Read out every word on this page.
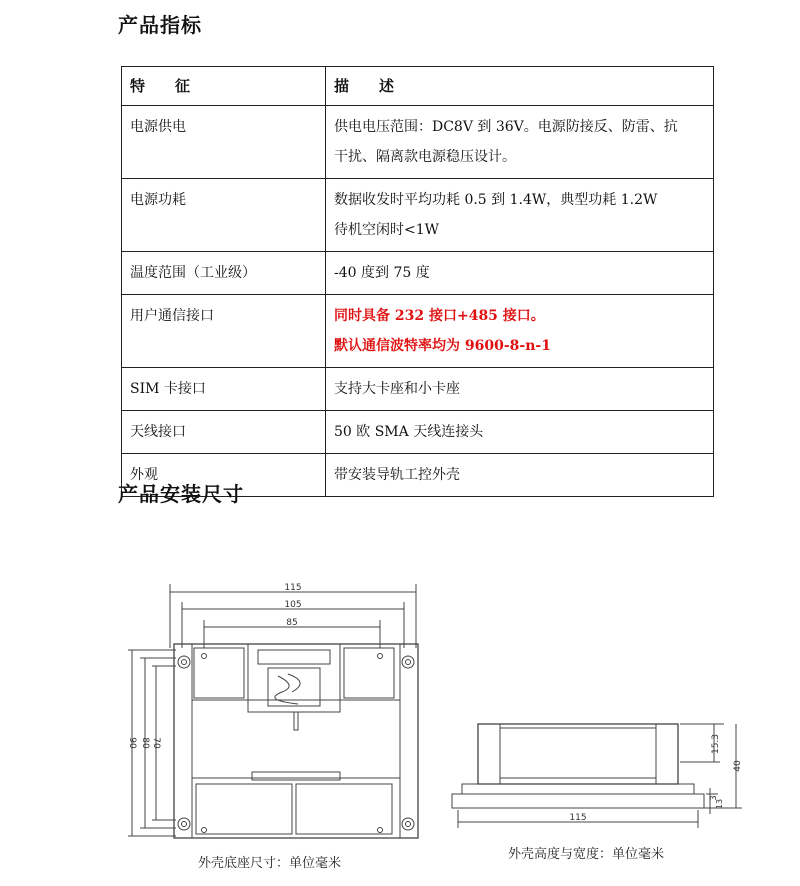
产品指标
特　　征	描　　述
电源供电	供电电压范围：DC8V 到 36V。电源防接反、防雷、抗
干扰、隔离款电源稳压设计。

电源功耗	数据收发时平均功耗 0.5 到 1.4W，典型功耗 1.2W
待机空闲时<1W

温度范围（工业级）	-40 度到 75 度

用户通信接口	同时具备 232 接口+485 接口。
默认通信波特率均为 9600-8-n-1

SIM 卡接口	支持大卡座和小卡座

天线接口	50 欧 SMA 天线连接头

外观	带安装导轨工控外壳
产品安装尺寸
115
105
85
90 80 70
外壳底座尺寸：单位毫米
15.3
40
3
13
115
外壳高度与宽度：单位毫米
